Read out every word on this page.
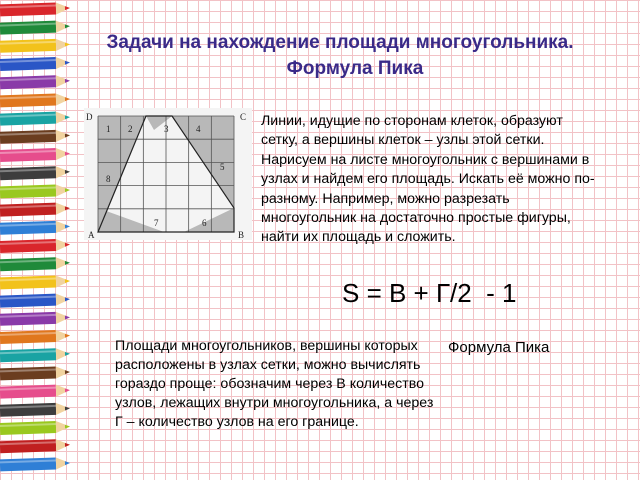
Задачи на нахождение площади многоугольника.
Формула Пика
D	C
A	B
1 2	3	4
5
6
7
8

Линии, идущие по сторонам клеток, образуют сетку, а вершины клеток – узлы этой сетки. Нарисуем на листе многоугольник с вершинами в узлах и найдем его площадь. Искать её можно по-разному. Например, можно разрезать многоугольник на достаточно простые фигуры, найти их площадь и сложить.

S = В + Г/2  - 1

Площади многоугольников, вершины которых расположены в узлах сетки, можно вычислять гораздо проще: обозначим через В количество узлов, лежащих внутри многоугольника, а через Г – количество узлов на его границе.

Формула Пика
